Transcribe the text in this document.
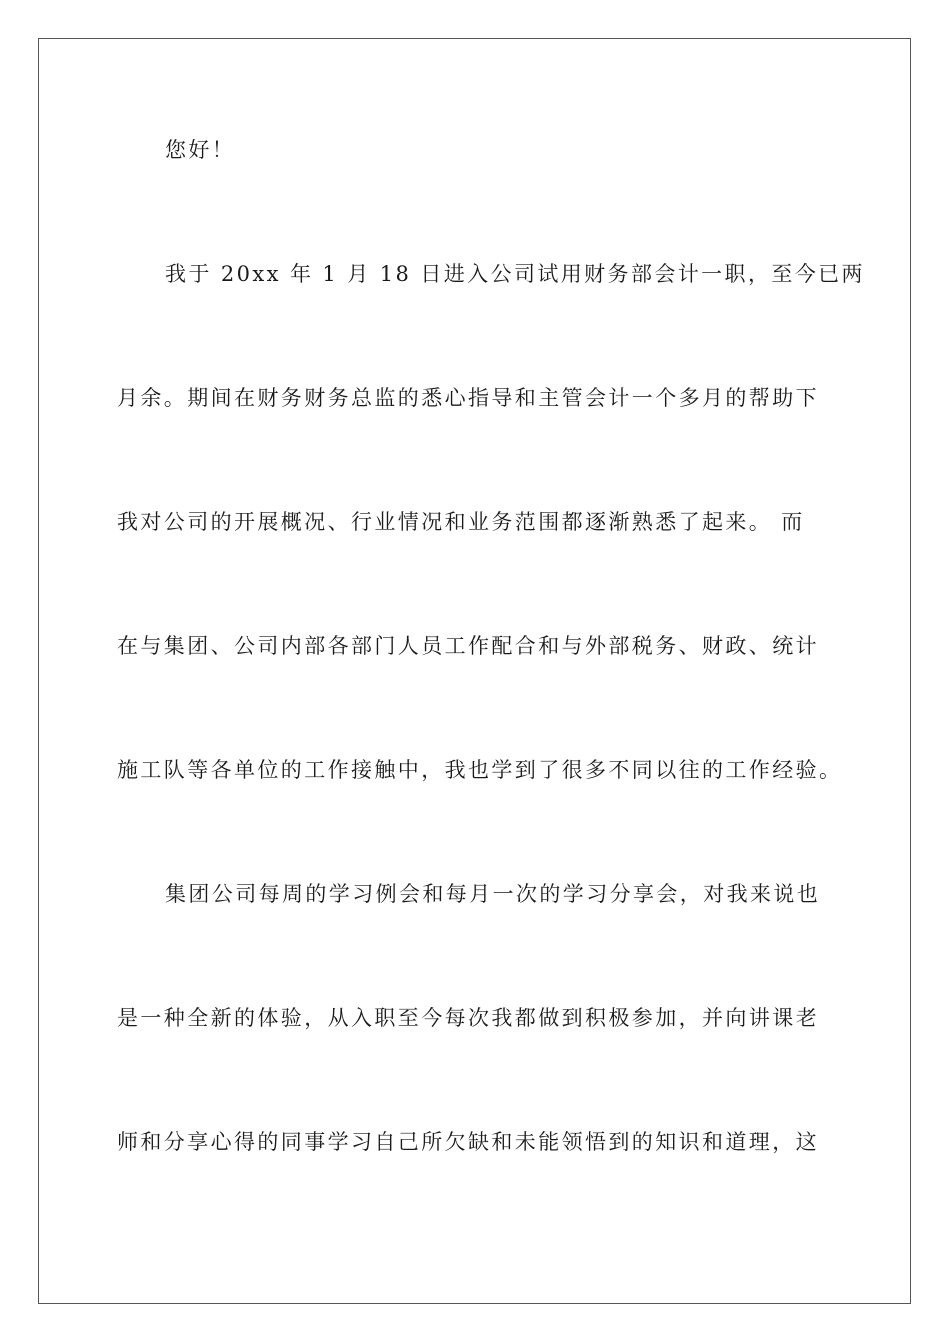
您好！
我于 20xx 年 1 月 18 日进入公司试用财务部会计一职，至今已两
月余。期间在财务财务总监的悉心指导和主管会计一个多月的帮助下
我对公司的开展概况、行业情况和业务范围都逐渐熟悉了起来。 而
在与集团、公司内部各部门人员工作配合和与外部税务、财政、统计
施工队等各单位的工作接触中，我也学到了很多不同以往的工作经验。
集团公司每周的学习例会和每月一次的学习分享会，对我来说也
是一种全新的体验，从入职至今每次我都做到积极参加，并向讲课老
师和分享心得的同事学习自己所欠缺和未能领悟到的知识和道理，这
